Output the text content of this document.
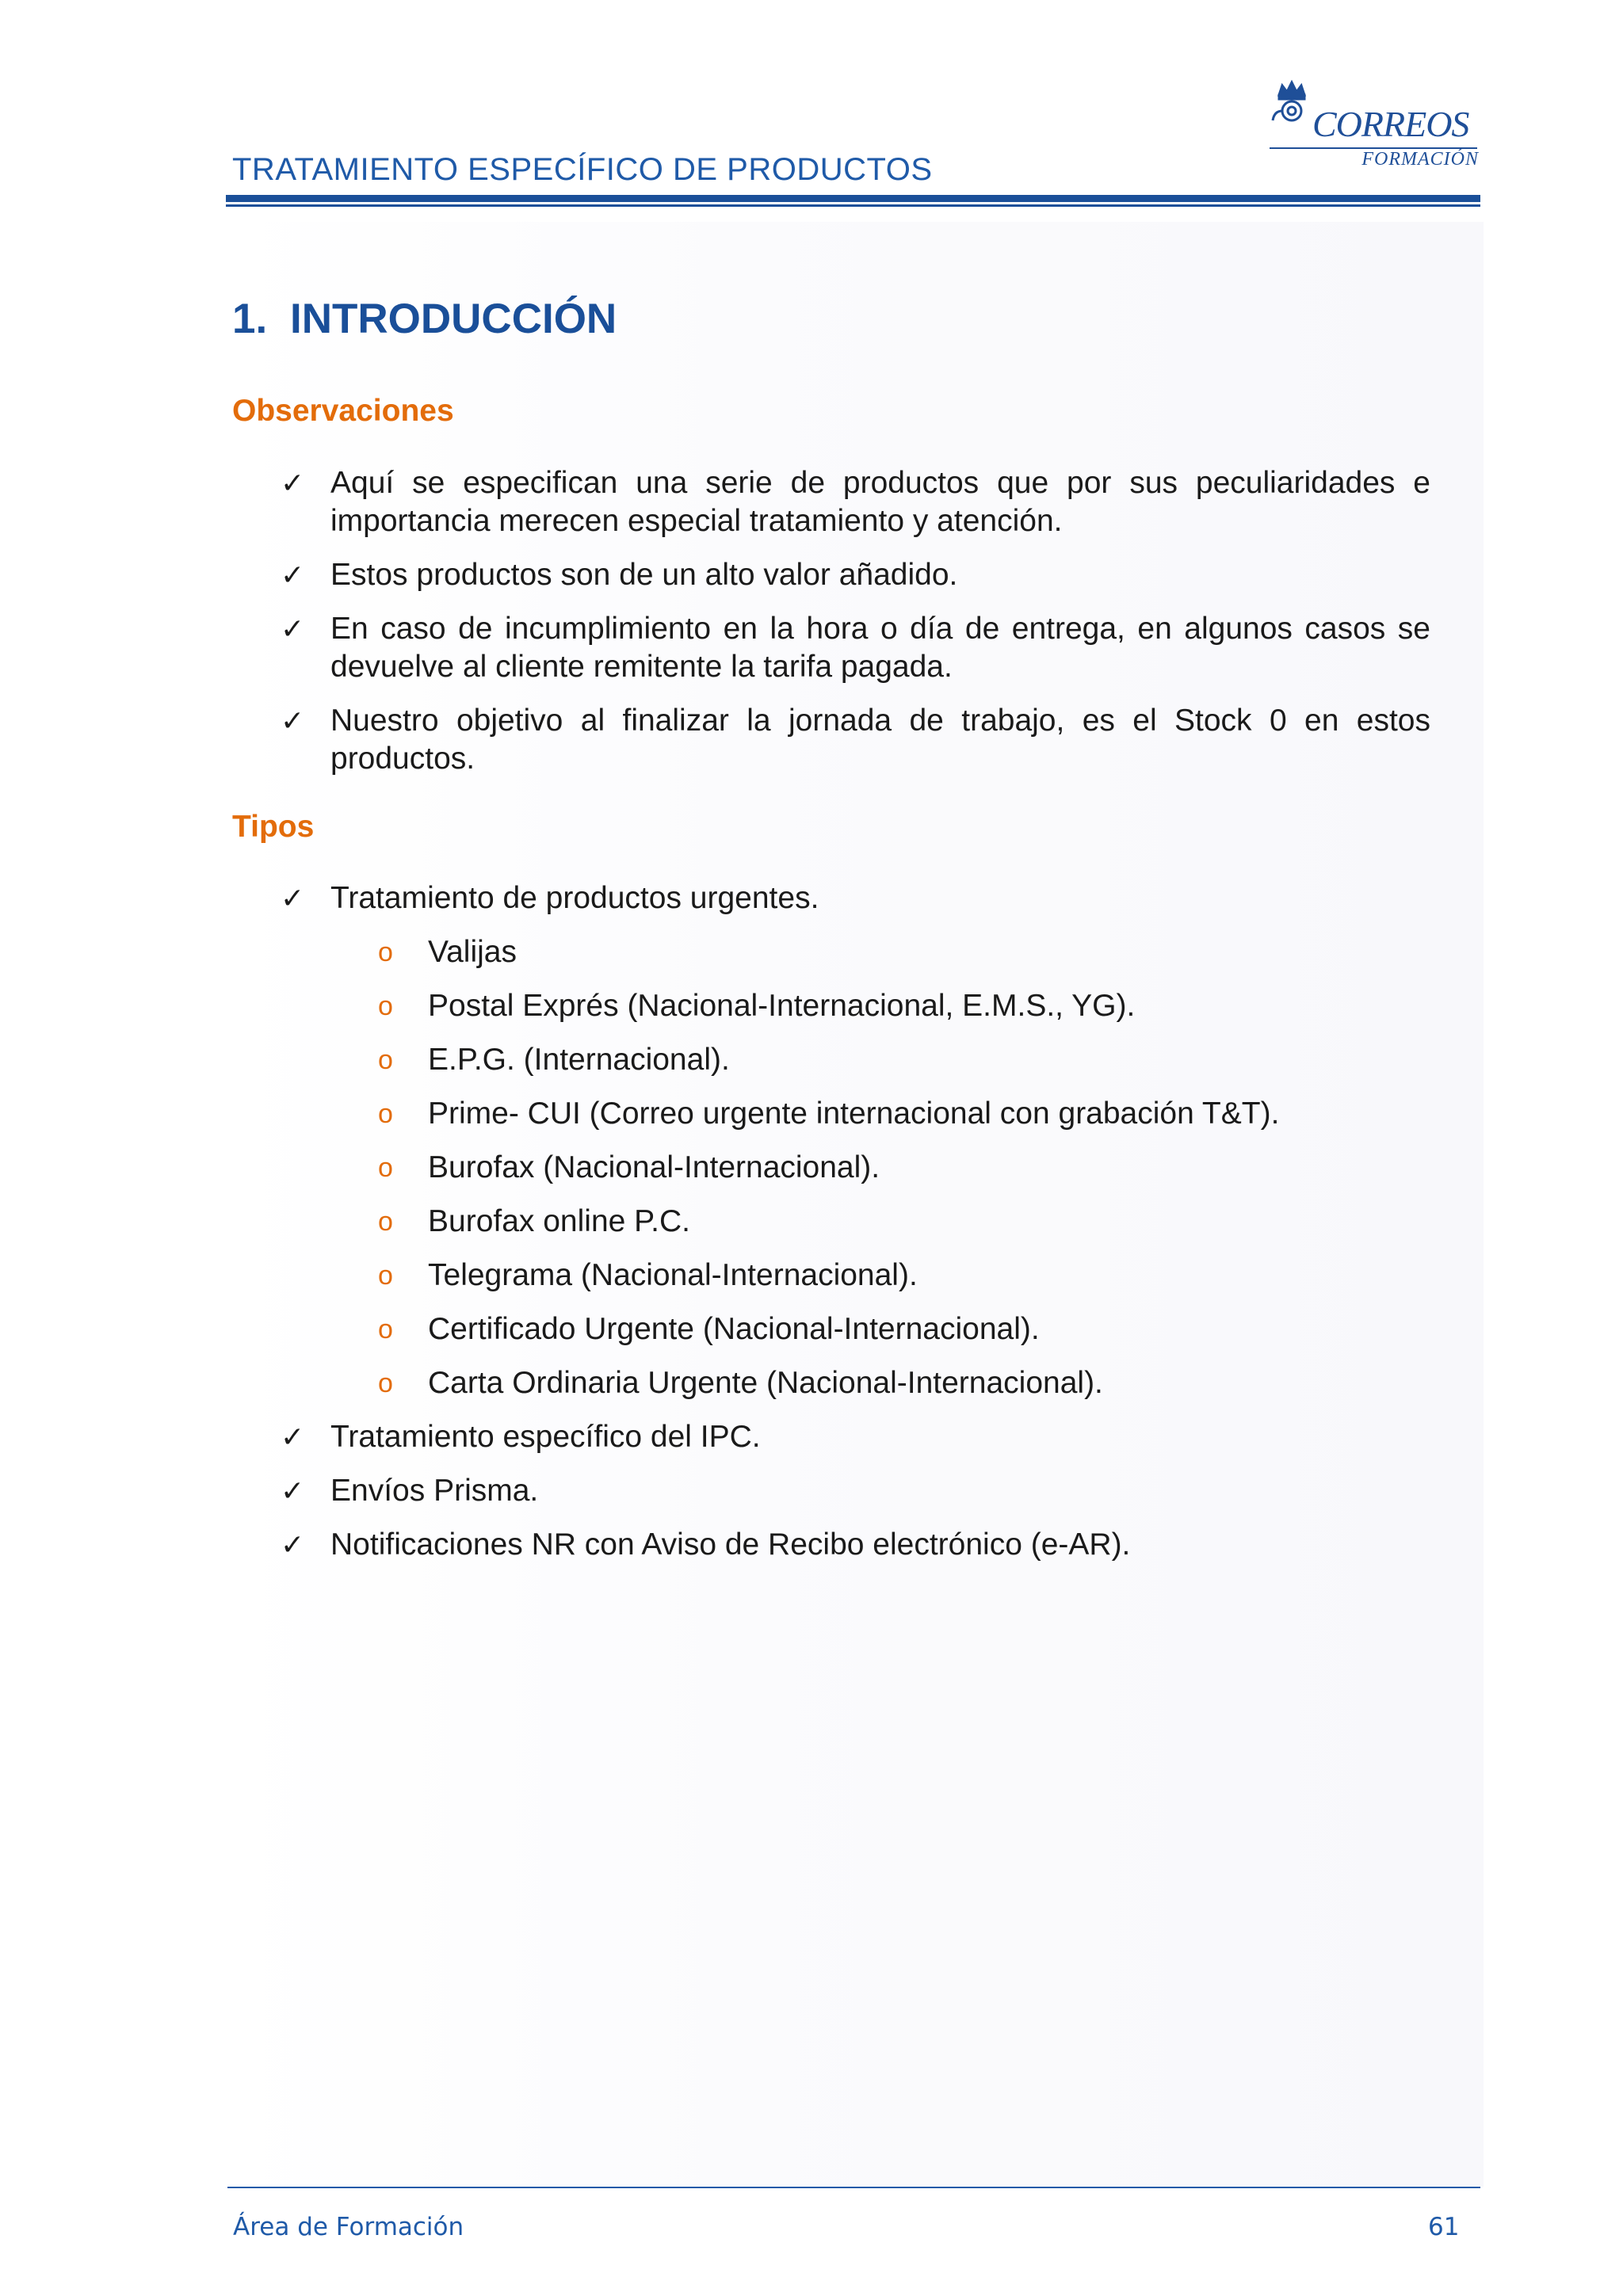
TRATAMIENTO ESPECÍFICO DE PRODUCTOS
CORREOS
FORMACIÓN
1. INTRODUCCIÓN
Observaciones
✓ Aquí se especifican una serie de productos que por sus peculiaridades e importancia merecen especial tratamiento y atención.
✓ Estos productos son de un alto valor añadido.
✓ En caso de incumplimiento en la hora o día de entrega, en algunos casos se devuelve al cliente remitente la tarifa pagada.
✓ Nuestro objetivo al finalizar la jornada de trabajo, es el Stock 0 en estos productos.
Tipos
✓ Tratamiento de productos urgentes.
o Valijas
o Postal Exprés (Nacional-Internacional, E.M.S., YG).
o E.P.G. (Internacional).
o Prime- CUI (Correo urgente internacional con grabación T&T).
o Burofax (Nacional-Internacional).
o Burofax online P.C.
o Telegrama (Nacional-Internacional).
o Certificado Urgente (Nacional-Internacional).
o Carta Ordinaria Urgente (Nacional-Internacional).
✓ Tratamiento específico del IPC.
✓ Envíos Prisma.
✓ Notificaciones NR con Aviso de Recibo electrónico (e-AR).
Área de Formación	61
